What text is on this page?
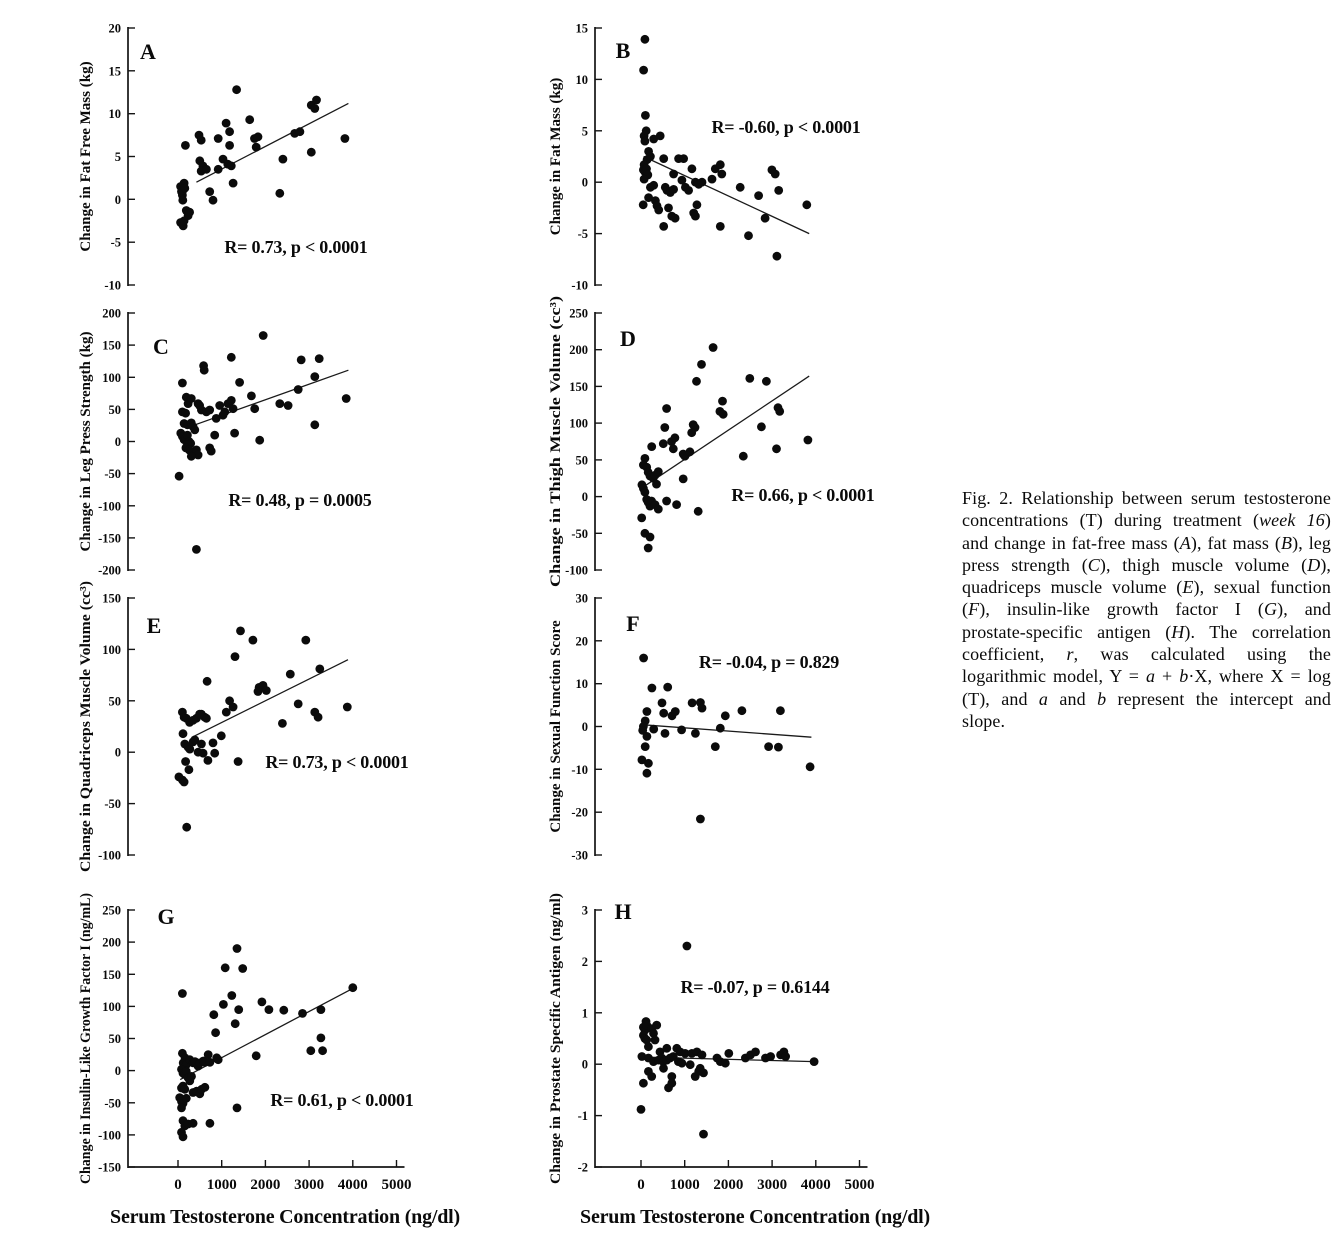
20
15
10
5
0
-5
-10
Change in Fat Free Mass (kg)
A
R= 0.73, p < 0.0001
200
150
100
50
0
-50
-100
-150
-200
Change in Leg Press Strength (kg)	C
R= 0.48, p = 0.0005
150
100
50
0
-50
-100
Change in Quadriceps Muscle Volume (cc³) E
R= 0.73, p < 0.0001
250
200
150
100
50
0
-50
-100
-150
0 1000 2000 3000 4000 5000
Change in Insulin-Like Growth Factor I (ng/mL)	G
R= 0.61, p < 0.0001
15
10
5
0
-5
-10
Change in Fat Mass (kg)
B
R= -0.60, p < 0.0001
250
200
150
100
50
0
-50
-100
Change in Thigh Muscle Volume (cc³)
D
R= 0.66, p < 0.0001
30
20
10
0
-10
-20
-30
Change in Sexual Function Score	F
R= -0.04, p = 0.829
3
2
1
0
-1
-2
0 1000 2000 3000 4000 5000
Change in Prostate Specific Antigen (ng/ml) H
R= -0.07, p = 0.6144
Serum Testosterone Concentration (ng/dl)	Serum Testosterone Concentration (ng/dl)
Fig. 2. Relationship between serum testosterone concentrations (T) during treatment (week 16) and change in fat-free mass (A), fat mass (B), leg press strength (C), thigh muscle volume (D), quadriceps muscle volume (E), sexual function (F), insulin-like growth factor I (G), and prostate-specific antigen (H). The correlation coefficient, r, was calculated using the logarithmic model, Y = a + b·X, where X = log (T), and a and b represent the intercept and slope.
